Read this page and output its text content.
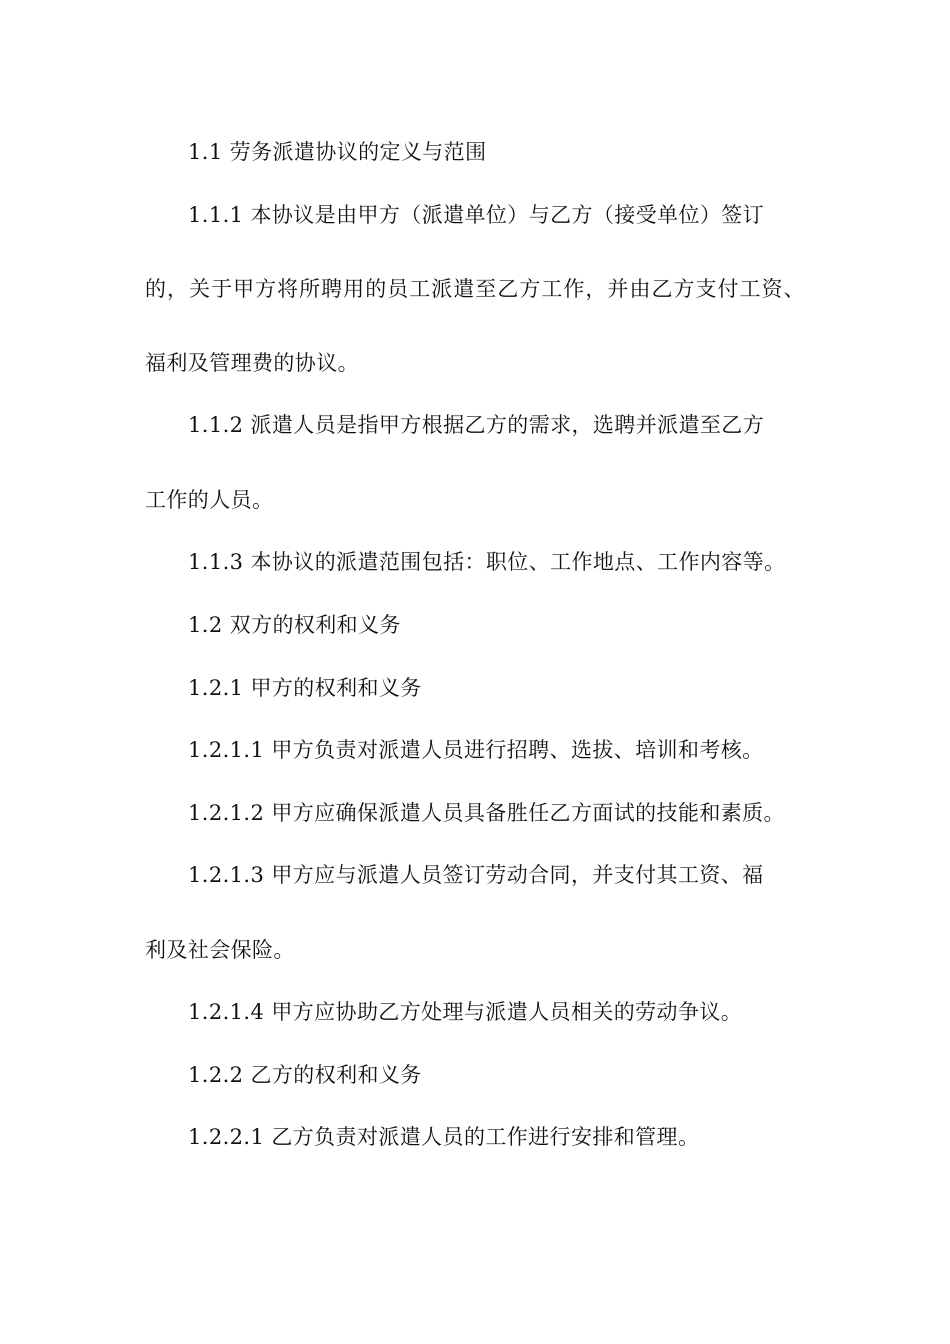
1.1 劳务派遣协议的定义与范围

1.1.1 本协议是由甲方（派遣单位）与乙方（接受单位）签订

的，关于甲方将所聘用的员工派遣至乙方工作，并由乙方支付工资、

福利及管理费的协议。

1.1.2 派遣人员是指甲方根据乙方的需求，选聘并派遣至乙方

工作的人员。

1.1.3 本协议的派遣范围包括：职位、工作地点、工作内容等。

1.2 双方的权利和义务

1.2.1 甲方的权利和义务

1.2.1.1 甲方负责对派遣人员进行招聘、选拔、培训和考核。

1.2.1.2 甲方应确保派遣人员具备胜任乙方面试的技能和素质。

1.2.1.3 甲方应与派遣人员签订劳动合同，并支付其工资、福

利及社会保险。

1.2.1.4 甲方应协助乙方处理与派遣人员相关的劳动争议。

1.2.2 乙方的权利和义务

1.2.2.1 乙方负责对派遣人员的工作进行安排和管理。
